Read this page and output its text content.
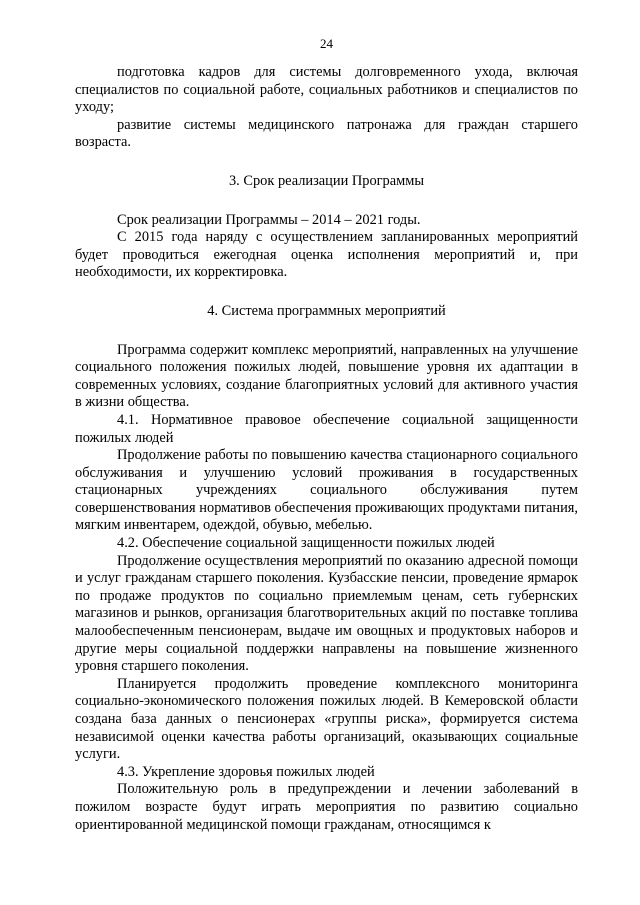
24

подготовка кадров для системы долговременного ухода, включая специалистов по социальной работе, социальных работников и специалистов по уходу;

развитие системы медицинского патронажа для граждан старшего возраста.

3. Срок реализации Программы

Срок реализации Программы – 2014 – 2021 годы.

С 2015 года наряду с осуществлением запланированных мероприятий будет проводиться ежегодная оценка исполнения мероприятий и, при необходимости, их корректировка.

4. Система программных мероприятий

Программа содержит комплекс мероприятий, направленных на улучшение социального положения пожилых людей, повышение уровня их адаптации в современных условиях, создание благоприятных условий для активного участия в жизни общества.

4.1. Нормативное правовое обеспечение социальной защищенности пожилых людей

Продолжение работы по повышению качества стационарного социального обслуживания и улучшению условий проживания в государственных стационарных учреждениях социального обслуживания путем совершенствования нормативов обеспечения проживающих продуктами питания, мягким инвентарем, одеждой, обувью, мебелью.

4.2. Обеспечение социальной защищенности пожилых людей

Продолжение осуществления мероприятий по оказанию адресной помощи и услуг гражданам старшего поколения. Кузбасские пенсии, проведение ярмарок по продаже продуктов по социально приемлемым ценам, сеть губернских магазинов и рынков, организация благотворительных акций по поставке топлива малообеспеченным пенсионерам, выдаче им овощных и продуктовых наборов и другие меры социальной поддержки направлены на повышение жизненного уровня старшего поколения.

Планируется продолжить проведение комплексного мониторинга социально-экономического положения пожилых людей. В Кемеровской области создана база данных о пенсионерах «группы риска», формируется система независимой оценки качества работы организаций, оказывающих социальные услуги.

4.3. Укрепление здоровья пожилых людей

Положительную роль в предупреждении и лечении заболеваний в пожилом возрасте будут играть мероприятия по развитию социально ориентированной медицинской помощи гражданам, относящимся к
